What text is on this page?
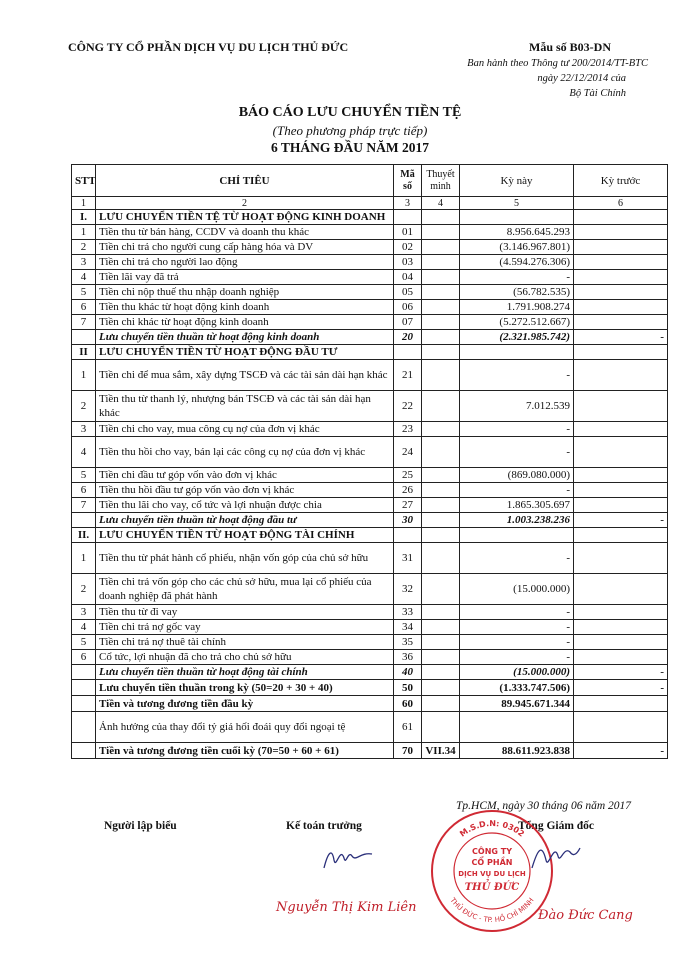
CÔNG TY CỔ PHẦN DỊCH VỤ DU LỊCH THỦ ĐỨC	Mẫu số B03-DN
Ban hành theo Thông tư 200/2014/TT-BTC
ngày 22/12/2014 của
Bộ Tài Chính
BÁO CÁO LƯU CHUYỂN TIỀN TỆ
(Theo phương pháp trực tiếp)
6 THÁNG ĐẦU NĂM 2017
STT	CHỈ TIÊU	Mã số	Thuyết minh	Kỳ này	Kỳ trước
1	2	3	4	5	6
I.	LƯU CHUYỂN TIỀN TỆ TỪ HOẠT ĐỘNG KINH DOANH				
1	Tiền thu từ bán hàng, CCDV và doanh thu khác	01		8.956.645.293	
2	Tiền chi trả cho người cung cấp hàng hóa và DV	02		(3.146.967.801)	
3	Tiền chi trả cho người lao động	03		(4.594.276.306)	
4	Tiền lãi vay đã trả	04		-	
5	Tiền chi nộp thuế thu nhập doanh nghiệp	05		(56.782.535)	
6	Tiền thu khác từ hoạt động kinh doanh	06		1.791.908.274	
7	Tiền chi khác từ hoạt động kinh doanh	07		(5.272.512.667)	
	Lưu chuyển tiền thuần từ hoạt động kinh doanh	20		(2.321.985.742)	-
II	LƯU CHUYỂN TIỀN TỪ HOẠT ĐỘNG ĐẦU TƯ				
1	Tiền chi để mua sắm, xây dựng TSCĐ và các tài sản dài hạn khác	21		-	
2	Tiền thu từ thanh lý, nhượng bán TSCĐ và các tài sản dài hạn khác	22		7.012.539	
3	Tiền chi cho vay, mua công cụ nợ của đơn vị khác	23		-	
4	Tiền thu hồi cho vay, bán lại các công cụ nợ của đơn vị khác	24		-	
5	Tiền chi đầu tư góp vốn vào đơn vị khác	25		(869.080.000)	
6	Tiền thu hồi đầu tư góp vốn vào đơn vị khác	26		-	
7	Tiền thu lãi cho vay, cổ tức và lợi nhuận được chia	27		1.865.305.697	
	Lưu chuyển tiền thuần từ hoạt động đầu tư	30		1.003.238.236	-
II.	LƯU CHUYỂN TIỀN TỪ HOẠT ĐỘNG TÀI CHÍNH				
1	Tiền thu từ phát hành cổ phiếu, nhận vốn góp của chủ sở hữu	31		-	
2	Tiền chi trả vốn góp cho các chủ sở hữu, mua lại cổ phiếu của doanh nghiệp đã phát hành	32		(15.000.000)	
3	Tiền thu từ đi vay	33		-	
4	Tiền chi trả nợ gốc vay	34		-	
5	Tiền chi trả nợ thuê tài chính	35		-	
6	Cổ tức, lợi nhuận đã cho trả cho chủ sở hữu	36		-	
	Lưu chuyển tiền thuần từ hoạt động tài chính	40		(15.000.000)	-
	Lưu chuyển tiền thuần trong kỳ (50=20 + 30 + 40)	50		(1.333.747.506)	-
	Tiền và tương đương tiền đầu kỳ	60		89.945.671.344	
	Ảnh hưởng của thay đổi tỷ giá hối đoái quy đổi ngoại tệ	61			
	Tiền và tương đương tiền cuối kỳ (70=50 + 60 + 61)	70	VII.34	88.611.923.838	-
Tp.HCM, ngày 30 tháng 06 năm 2017
Người lập biểu	Kế toán trưởng	Tổng Giám đốc
Nguyễn Thị Kim Liên
M.S.D.N: 0302
THỦ ĐỨC - TP. HỒ CHÍ MINH
CÔNG TY
CỔ PHẦN
DỊCH VỤ DU LỊCH
THỦ ĐỨC
Đào Đức Cang
